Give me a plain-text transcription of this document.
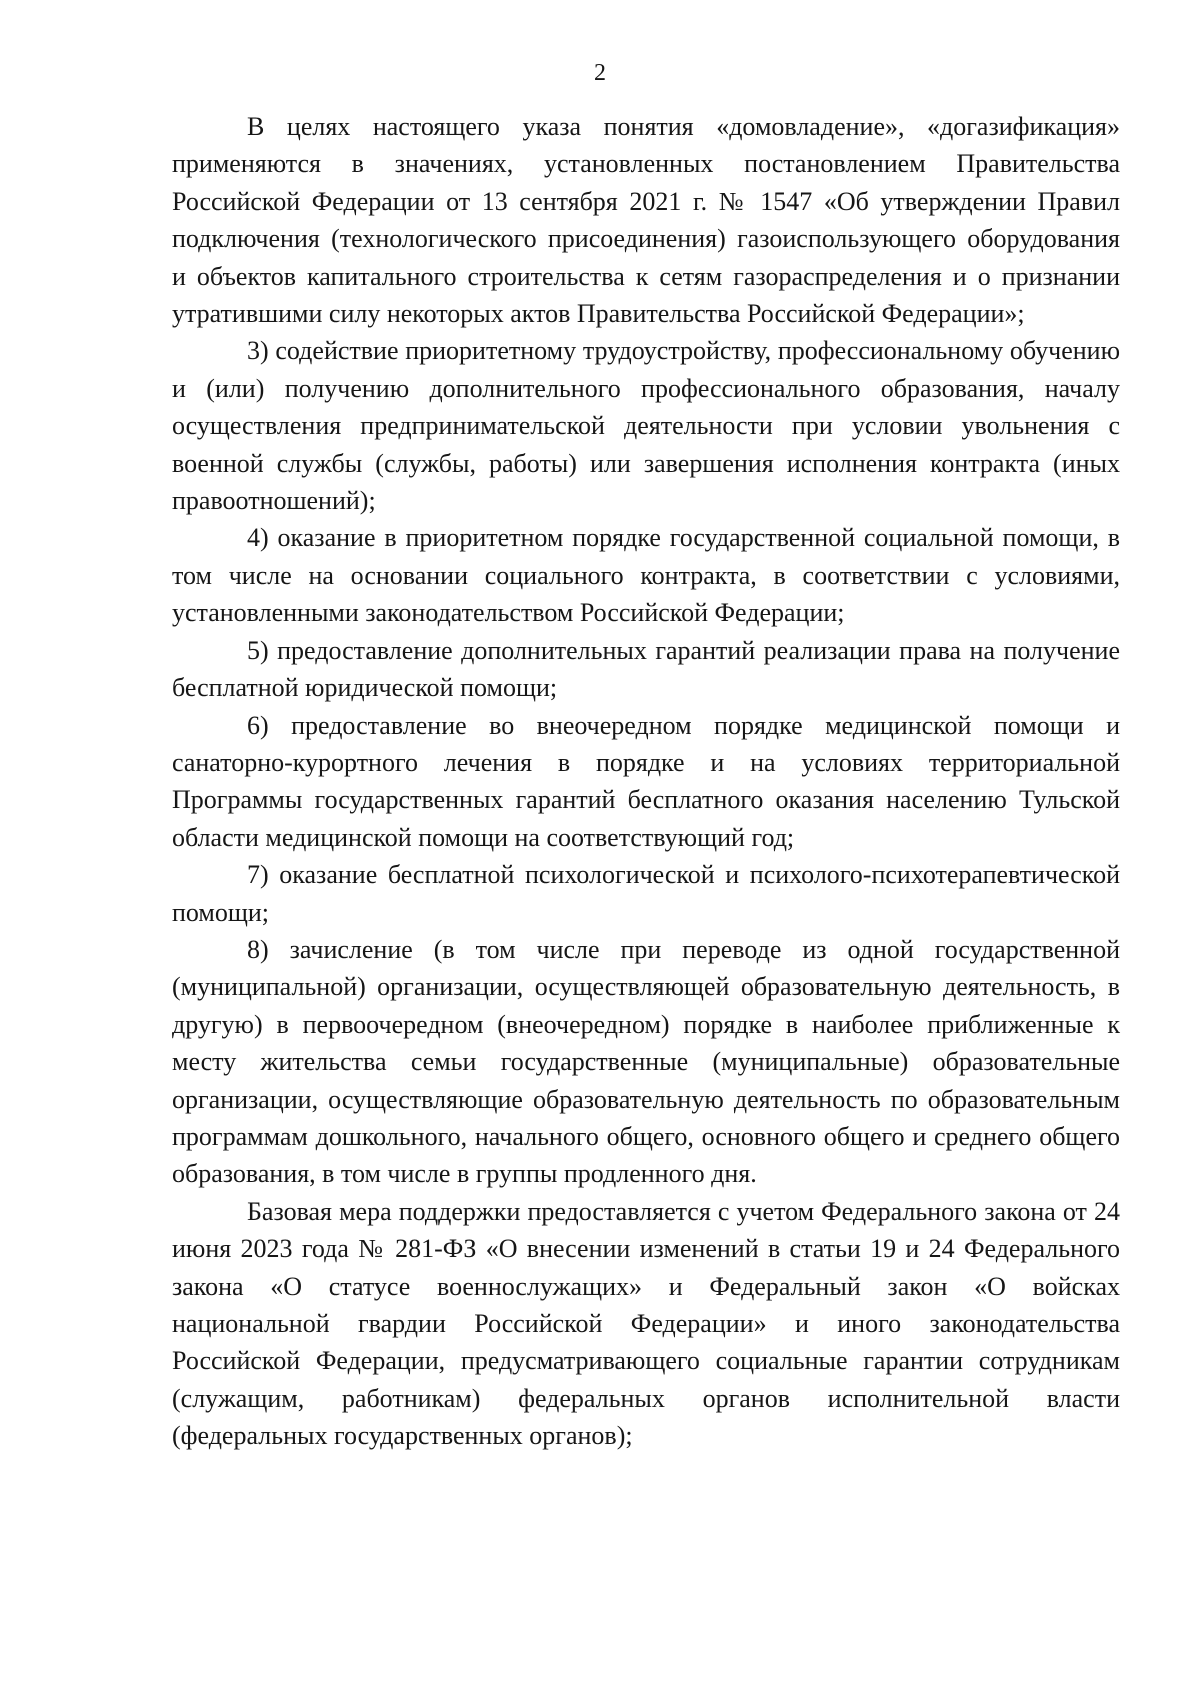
2

В целях настоящего указа понятия «домовладение», «догазификация» применяются в значениях, установленных постановлением Правительства Российской Федерации от 13 сентября 2021 г. № 1547 «Об утверждении Правил подключения (технологического присоединения) газоиспользующего оборудования и объектов капитального строительства к сетям газораспределения и о признании утратившими силу некоторых актов Правительства Российской Федерации»;

3) содействие приоритетному трудоустройству, профессиональному обучению и (или) получению дополнительного профессионального образования, началу осуществления предпринимательской деятельности при условии увольнения с военной службы (службы, работы) или завершения исполнения контракта (иных правоотношений);

4) оказание в приоритетном порядке государственной социальной помощи, в том числе на основании социального контракта, в соответствии с условиями, установленными законодательством Российской Федерации;

5) предоставление дополнительных гарантий реализации права на получение бесплатной юридической помощи;

6) предоставление во внеочередном порядке медицинской помощи и санаторно-курортного лечения в порядке и на условиях территориальной Программы государственных гарантий бесплатного оказания населению Тульской области медицинской помощи на соответствующий год;

7) оказание бесплатной психологической и психолого-психотерапевтической помощи;

8) зачисление (в том числе при переводе из одной государственной (муниципальной) организации, осуществляющей образовательную деятельность, в другую) в первоочередном (внеочередном) порядке в наиболее приближенные к месту жительства семьи государственные (муниципальные) образовательные организации, осуществляющие образовательную деятельность по образовательным программам дошкольного, начального общего, основного общего и среднего общего образования, в том числе в группы продленного дня.

Базовая мера поддержки предоставляется с учетом Федерального закона от 24 июня 2023 года № 281-ФЗ «О внесении изменений в статьи 19 и 24 Федерального закона «О статусе военнослужащих» и Федеральный закон «О войсках национальной гвардии Российской Федерации» и иного законодательства Российской Федерации, предусматривающего социальные гарантии сотрудникам (служащим, работникам) федеральных органов исполнительной власти (федеральных государственных органов);
